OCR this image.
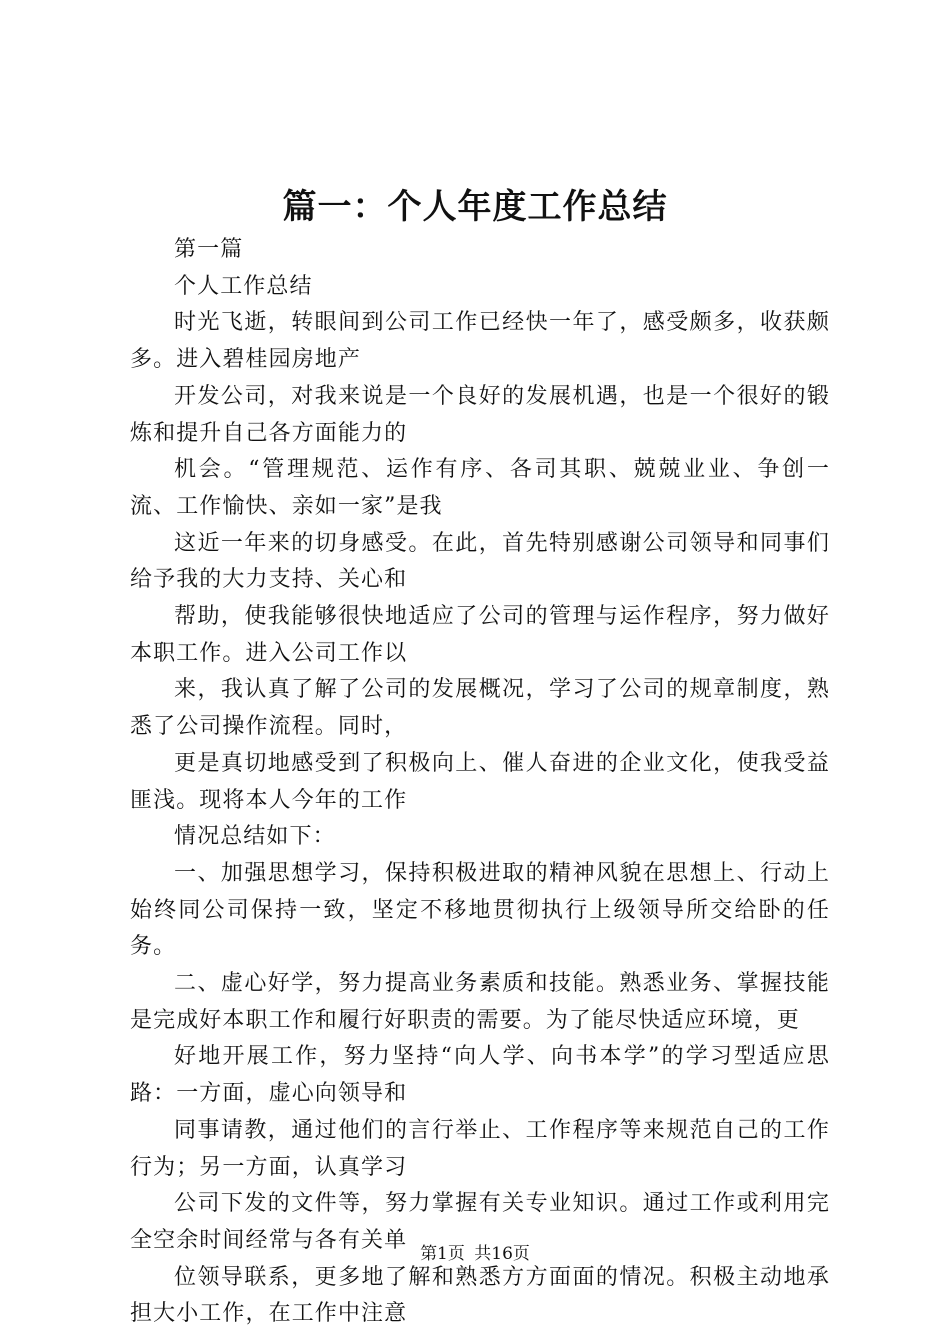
篇一：个人年度工作总结

第一篇

个人工作总结

时光飞逝，转眼间到公司工作已经快一年了，感受颇多，收获颇多。进入碧桂园房地产

开发公司，对我来说是一个良好的发展机遇，也是一个很好的锻炼和提升自己各方面能力的

机会。“管理规范、运作有序、各司其职、兢兢业业、争创一流、工作愉快、亲如一家”是我

这近一年来的切身感受。在此，首先特别感谢公司领导和同事们给予我的大力支持、关心和

帮助，使我能够很快地适应了公司的管理与运作程序，努力做好本职工作。进入公司工作以

来，我认真了解了公司的发展概况，学习了公司的规章制度，熟悉了公司操作流程。同时，

更是真切地感受到了积极向上、催人奋进的企业文化，使我受益匪浅。现将本人今年的工作

情况总结如下：

一、加强思想学习，保持积极进取的精神风貌在思想上、行动上始终同公司保持一致，坚定不移地贯彻执行上级领导所交给卧的任务。

二、虚心好学，努力提高业务素质和技能。熟悉业务、掌握技能是完成好本职工作和履行好职责的需要。为了能尽快适应环境，更

好地开展工作，努力坚持“向人学、向书本学”的学习型适应思路：一方面，虚心向领导和

同事请教，通过他们的言行举止、工作程序等来规范自己的工作行为；另一方面，认真学习

公司下发的文件等，努力掌握有关专业知识。通过工作或利用完全空余时间经常与各有关单

位领导联系，更多地了解和熟悉方方面面的情况。积极主动地承担大小工作，在工作中注意

第1页 共16页
